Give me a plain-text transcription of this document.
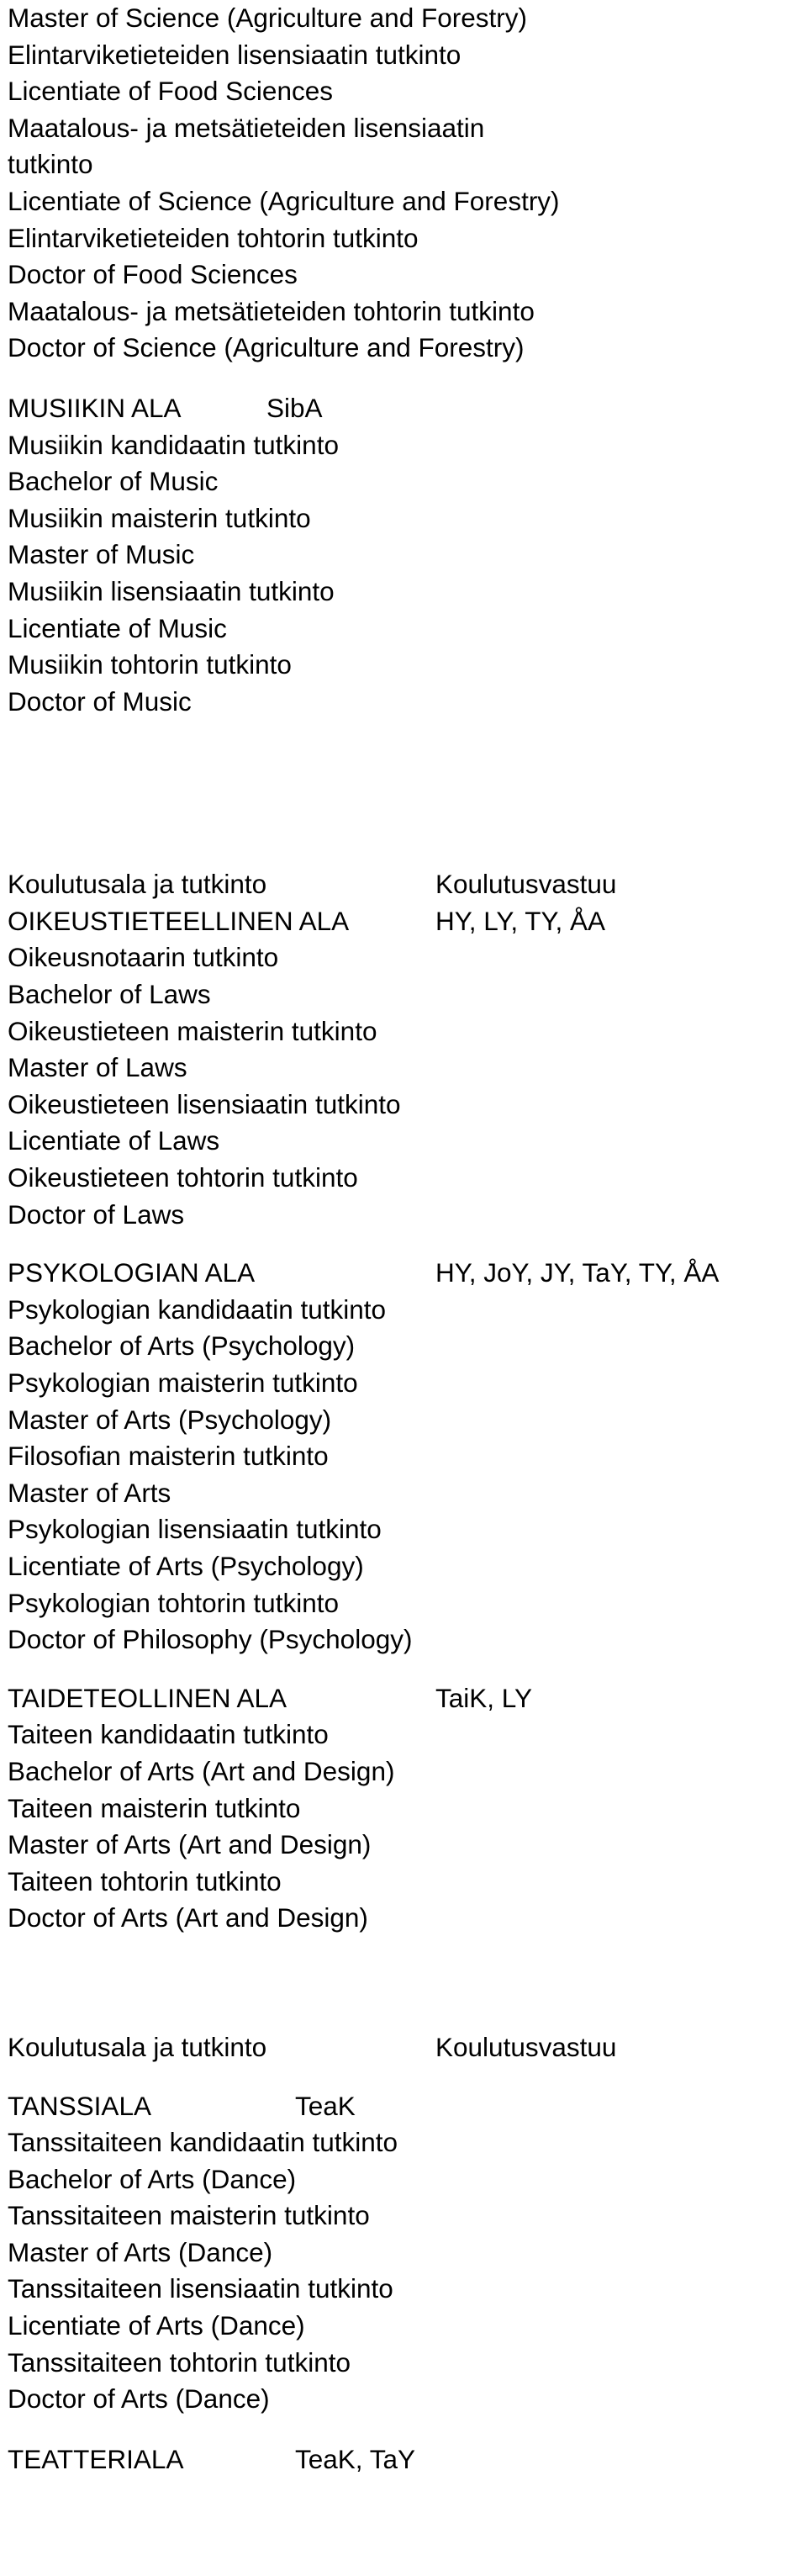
Master of Science (Agriculture and Forestry)
Elintarviketieteiden lisensiaatin tutkinto
Licentiate of Food Sciences
Maatalous- ja metsätieteiden lisensiaatin
tutkinto
Licentiate of Science (Agriculture and Forestry)
Elintarviketieteiden tohtorin tutkinto
Doctor of Food Sciences
Maatalous- ja metsätieteiden tohtorin tutkinto
Doctor of Science (Agriculture and Forestry)
MUSIIKIN ALA	SibA
Musiikin kandidaatin tutkinto
Bachelor of Music
Musiikin maisterin tutkinto
Master of Music
Musiikin lisensiaatin tutkinto
Licentiate of Music
Musiikin tohtorin tutkinto
Doctor of Music
Koulutusala ja tutkinto	Koulutusvastuu
OIKEUSTIETEELLINEN ALA	HY, LY, TY, ÅA
Oikeusnotaarin tutkinto
Bachelor of Laws
Oikeustieteen maisterin tutkinto
Master of Laws
Oikeustieteen lisensiaatin tutkinto
Licentiate of Laws
Oikeustieteen tohtorin tutkinto
Doctor of Laws
PSYKOLOGIAN ALA	HY, JoY, JY, TaY, TY, ÅA
Psykologian kandidaatin tutkinto
Bachelor of Arts (Psychology)
Psykologian maisterin tutkinto
Master of Arts (Psychology)
Filosofian maisterin tutkinto
Master of Arts
Psykologian lisensiaatin tutkinto
Licentiate of Arts (Psychology)
Psykologian tohtorin tutkinto
Doctor of Philosophy (Psychology)
TAIDETEOLLINEN ALA	TaiK, LY
Taiteen kandidaatin tutkinto
Bachelor of Arts (Art and Design)
Taiteen maisterin tutkinto
Master of Arts (Art and Design)
Taiteen tohtorin tutkinto
Doctor of Arts (Art and Design)
Koulutusala ja tutkinto	Koulutusvastuu
TANSSIALA	TeaK
Tanssitaiteen kandidaatin tutkinto
Bachelor of Arts (Dance)
Tanssitaiteen maisterin tutkinto
Master of Arts (Dance)
Tanssitaiteen lisensiaatin tutkinto
Licentiate of Arts (Dance)
Tanssitaiteen tohtorin tutkinto
Doctor of Arts (Dance)
TEATTERIALA	TeaK, TaY
